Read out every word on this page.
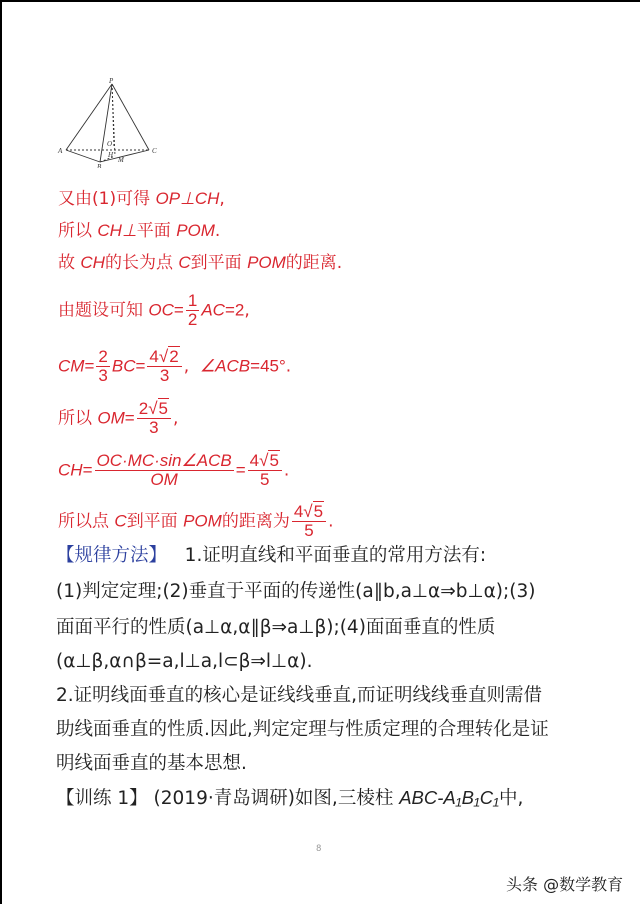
P
A
B
C
O
H
M
又由(1)可得 OP⊥CH,
所以 CH⊥平面 POM.
故 CH的长为点 C到平面 POM的距离.
由题设可知 $OC= \frac{1}{2} AC=2$,
$CM= \frac{2}{3} BC= \frac{4√2}{3}$ , ∠ACB=45°.
所以 $OM= \frac{2√5}{3}$ ,
$CH= \frac{\text{OC·MC·sin∠ACB}}{OM} = \frac{4√5}{5}$ .
所以点 C到平面 POM的距离为 $\frac{4√5}{5}$ .
【规律方法】 1.证明直线和平面垂直的常用方法有:
(1)判定定理;(2)垂直于平面的传递性(a∥b,a⊥α⇒b⊥α);(3)
面面平行的性质(a⊥α,α∥β⇒a⊥β);(4)面面垂直的性质
(α⊥β,α∩β=a,l⊥a,l⊂β⇒l⊥α).
2.证明线面垂直的核心是证线线垂直,而证明线线垂直则需借
助线面垂直的性质.因此,判定定理与性质定理的合理转化是证
明线面垂直的基本思想.
【训练 1】 (2019·青岛调研)如图,三棱柱 ABC-A₁B₁C₁中,
8
头条 @数学教育
